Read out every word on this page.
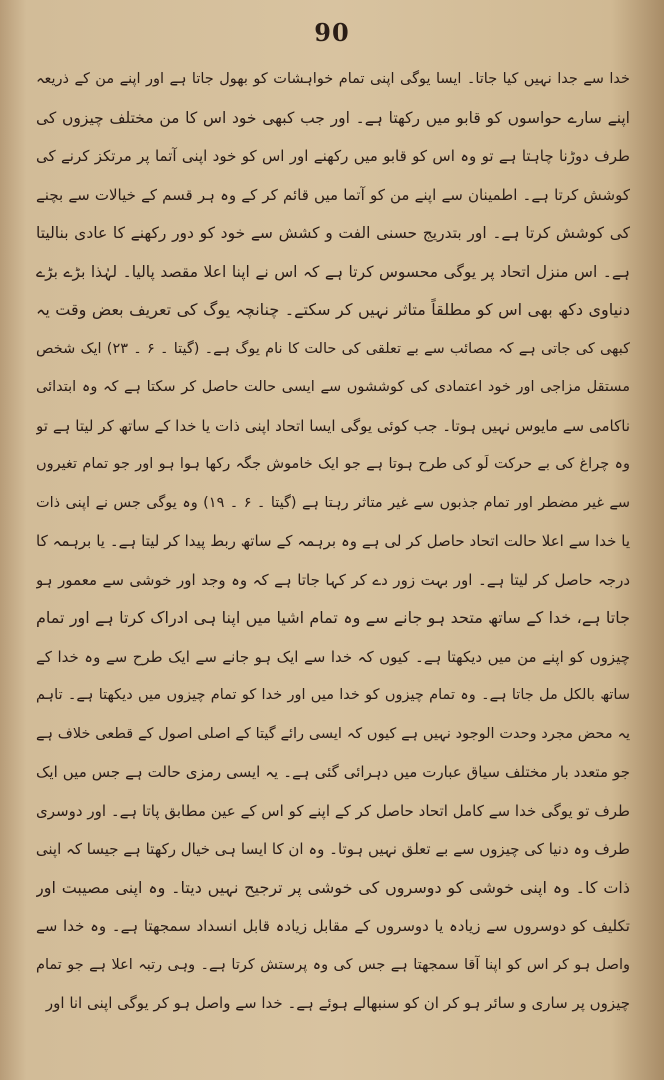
90
خدا سے جدا نہیں کیا جاتا۔ ایسا یوگی اپنی تمام خواہشات کو بھول جاتا ہے اور اپنے من کے ذریعہ
اپنے سارے حواسوں کو قابو میں رکھتا ہے۔ اور جب کبھی خود اس کا من مختلف چیزوں کی
طرف دوڑنا چاہتا ہے تو وہ اس کو قابو میں رکھنے اور اس کو خود اپنی آتما پر مرتکز کرنے کی
کوشش کرتا ہے۔ اطمینان سے اپنے من کو آتما میں قائم کر کے وہ ہر قسم کے خیالات سے بچنے
کی کوشش کرتا ہے۔ اور بتدریج حسنی الفت و کشش سے خود کو دور رکھنے کا عادی بنالیتا
ہے۔ اس منزل اتحاد پر یوگی محسوس کرتا ہے کہ اس نے اپنا اعلا مقصد پالیا۔ لہٰذا بڑے بڑے
دنیاوی دکھ بھی اس کو مطلقاً متاثر نہیں کر سکتے۔ چنانچہ یوگ کی تعریف بعض وقت یہ
کبھی کی جاتی ہے کہ مصائب سے بے تعلقی کی حالت کا نام یوگ ہے۔ (گیتا ۔ ۶ ۔ ۲۳) ایک شخص
مستقل مزاجی اور خود اعتمادی کی کوششوں سے ایسی حالت حاصل کر سکتا ہے کہ وہ ابتدائی
ناکامی سے مایوس نہیں ہوتا۔ جب کوئی یوگی ایسا اتحاد اپنی ذات یا خدا کے ساتھ کر لیتا ہے تو
وہ چراغ کی بے حرکت لَو کی طرح ہوتا ہے جو ایک خاموش جگہ رکھا ہوا ہو اور جو تمام تغیروں
سے غیر مضطر اور تمام جذبوں سے غیر متاثر رہتا ہے (گیتا ۔ ۶ ۔ ۱۹) وہ یوگی جس نے اپنی ذات
یا خدا سے اعلا حالت اتحاد حاصل کر لی ہے وہ برہمہ کے ساتھ ربط پیدا کر لیتا ہے۔ یا برہمہ کا
درجہ حاصل کر لیتا ہے۔ اور بہت زور دے کر کہا جاتا ہے کہ وہ وجد اور خوشی سے معمور ہو
جاتا ہے، خدا کے ساتھ متحد ہو جانے سے وہ تمام اشیا میں اپنا ہی ادراک کرتا ہے اور تمام
چیزوں کو اپنے من میں دیکھتا ہے۔ کیوں کہ خدا سے ایک ہو جانے سے ایک طرح سے وہ خدا کے
ساتھ بالکل مل جاتا ہے۔ وہ تمام چیزوں کو خدا میں اور خدا کو تمام چیزوں میں دیکھتا ہے۔ تاہم
یہ محض مجرد وحدت الوجود نہیں ہے کیوں کہ ایسی رائے گیتا کے اصلی اصول کے قطعی خلاف ہے
جو متعدد بار مختلف سیاق عبارت میں دہرائی گئی ہے۔ یہ ایسی رمزی حالت ہے جس میں ایک
طرف تو یوگی خدا سے کامل اتحاد حاصل کر کے اپنے کو اس کے عین مطابق پاتا ہے۔ اور دوسری
طرف وہ دنیا کی چیزوں سے بے تعلق نہیں ہوتا۔ وہ ان کا ایسا ہی خیال رکھتا ہے جیسا کہ اپنی
ذات کا۔ وہ اپنی خوشی کو دوسروں کی خوشی پر ترجیح نہیں دیتا۔ وہ اپنی مصیبت اور
تکلیف کو دوسروں سے زیادہ یا دوسروں کے مقابل زیادہ قابل انسداد سمجھتا ہے۔ وہ خدا سے
واصل ہو کر اس کو اپنا آقا سمجھتا ہے جس کی وہ پرستش کرتا ہے۔ وہی رتبہ اعلا ہے جو تمام
چیزوں پر ساری و سائر ہو کر ان کو سنبھالے ہوئے ہے۔ خدا سے واصل ہو کر یوگی اپنی انا اور
